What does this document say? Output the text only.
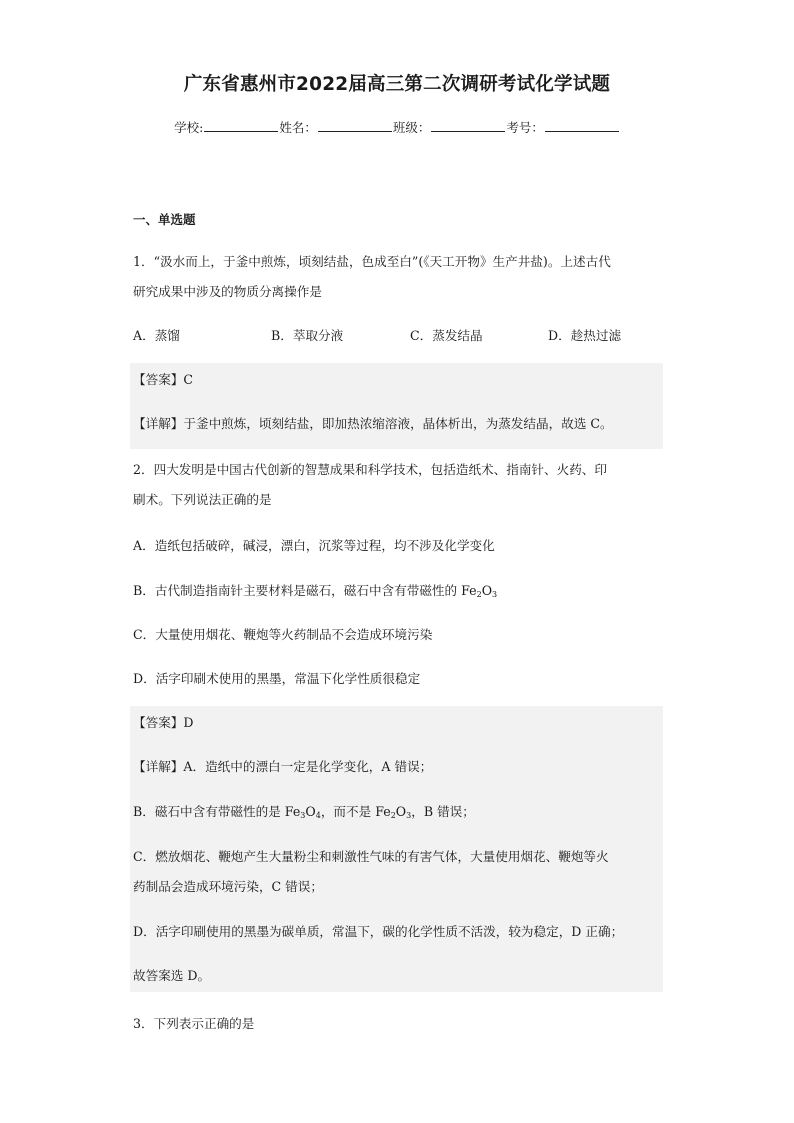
广东省惠州市2022届高三第二次调研考试化学试题
学校:	姓名：	班级：	考号：
一、单选题
1．“汲水而上，于釜中煎炼，顷刻结盐，色成至白”(《天工开物》生产井盐)。上述古代
研究成果中涉及的物质分离操作是
A．蒸馏	B．萃取分液	C．蒸发结晶	D．趁热过滤
【答案】C
【详解】于釜中煎炼，顷刻结盐，即加热浓缩溶液，晶体析出，为蒸发结晶，故选 C。
2．四大发明是中国古代创新的智慧成果和科学技术，包括造纸术、指南针、火药、印
刷术。下列说法正确的是
A．造纸包括破碎，碱浸，漂白，沉浆等过程，均不涉及化学变化
B．古代制造指南针主要材料是磁石，磁石中含有带磁性的 $Fe_2O_3$
C．大量使用烟花、鞭炮等火药制品不会造成环境污染
D．活字印刷术使用的黑墨，常温下化学性质很稳定
【答案】D
【详解】A．造纸中的漂白一定是化学变化，A 错误；
B．磁石中含有带磁性的是 $Fe_3O_4$，而不是 $Fe_2O_3$，B 错误；
C．燃放烟花、鞭炮产生大量粉尘和刺激性气味的有害气体，大量使用烟花、鞭炮等火
药制品会造成环境污染，C 错误；
D．活字印刷使用的黑墨为碳单质，常温下，碳的化学性质不活泼，较为稳定，D 正确；
故答案选 D。
3．下列表示正确的是
